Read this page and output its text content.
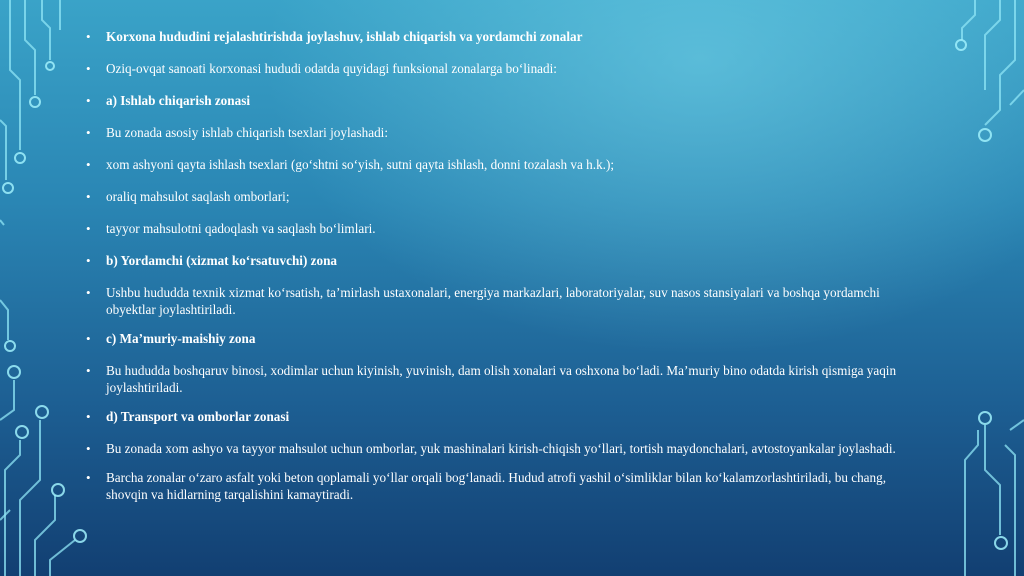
• Korxona hududini rejalashtirishda joylashuv, ishlab chiqarish va yordamchi zonalar
• Oziq-ovqat sanoati korxonasi hududi odatda quyidagi funksional zonalarga bo‘linadi:
• a) Ishlab chiqarish zonasi
• Bu zonada asosiy ishlab chiqarish tsexlari joylashadi:
• xom ashyoni qayta ishlash tsexlari (go‘shtni so‘yish, sutni qayta ishlash, donni tozalash va h.k.);
• oraliq mahsulot saqlash omborlari;
• tayyor mahsulotni qadoqlash va saqlash bo‘limlari.
• b) Yordamchi (xizmat ko‘rsatuvchi) zona
• Ushbu hududda texnik xizmat ko‘rsatish, ta’mirlash ustaxonalari, energiya markazlari, laboratoriyalar, suv nasos stansiyalari va boshqa yordamchi obyektlar joylashtiriladi.
• c) Ma’muriy-maishiy zona
• Bu hududda boshqaruv binosi, xodimlar uchun kiyinish, yuvinish, dam olish xonalari va oshxona bo‘ladi. Ma’muriy bino odatda kirish qismiga yaqin joylashtiriladi.
• d) Transport va omborlar zonasi
• Bu zonada xom ashyo va tayyor mahsulot uchun omborlar, yuk mashinalari kirish-chiqish yo‘llari, tortish maydonchalari, avtostoyankalar joylashadi.
• Barcha zonalar o‘zaro asfalt yoki beton qoplamali yo‘llar orqali bog‘lanadi. Hudud atrofi yashil o‘simliklar bilan ko‘kalamzorlashtiriladi, bu chang, shovqin va hidlarning tarqalishini kamaytiradi.
